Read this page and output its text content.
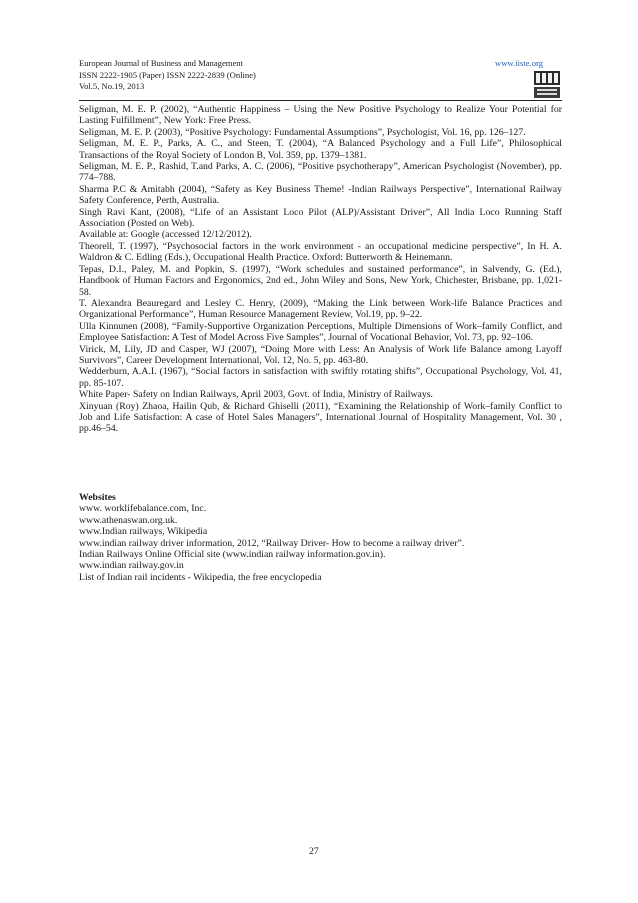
European Journal of Business and Management
ISSN 2222-1905 (Paper) ISSN 2222-2839 (Online)
Vol.5, No.19, 2013
www.iiste.org

Seligman, M. E. P. (2002), “Authentic Happiness – Using the New Positive Psychology to Realize Your Potential for Lasting Fulfillment”, New York: Free Press.

Seligman, M. E. P. (2003), “Positive Psychology: Fundamental Assumptions”, Psychologist, Vol. 16, pp. 126–127.

Seligman, M. E. P., Parks, A. C., and Steen, T. (2004), “A Balanced Psychology and a Full Life”, Philosophical Transactions of the Royal Society of London B, Vol. 359, pp. 1379–1381.

Seligman, M. E. P., Rashid, T.and Parks, A. C. (2006), “Positive psychotherapy”, American Psychologist (November), pp. 774–788.

Sharma P.C & Amitabh (2004), “Safety as Key Business Theme! -Indian Railways Perspective”, International Railway Safety Conference, Perth, Australia.

Singh Ravi Kant, (2008), “Life of an Assistant Loco Pilot (ALP)/Assistant Driver”, All India Loco Running Staff Association (Posted on Web).

Available at: Google (accessed 12/12/2012).

Theorell, T. (1997), “Psychosocial factors in the work environment - an occupational medicine perspective”, In H. A. Waldron & C. Edling (Eds.), Occupational Health Practice. Oxford: Butterworth & Heinemann.

Tepas, D.I., Paley, M. and Popkin, S. (1997), “Work schedules and sustained performance”, in Salvendy, G. (Ed.), Handbook of Human Factors and Ergonomics, 2nd ed., John Wiley and Sons, New York, Chichester, Brisbane, pp. 1,021-58.

T. Alexandra Beauregard and Lesley C. Henry, (2009), “Making the Link between Work-life Balance Practices and Organizational Performance”, Human Resource Management Review, Vol.19, pp. 9–22.

Ulla Kinnunen (2008), “Family-Supportive Organization Perceptions, Multiple Dimensions of Work–family Conflict, and Employee Satisfaction: A Test of Model Across Five Samples”, Journal of Vocational Behavior, Vol. 73, pp. 92–106.

Virick, M, Lily, JD and Casper, WJ (2007), “Doing More with Less: An Analysis of Work life Balance among Layoff Survivors”, Career Development International, Vol. 12, No. 5, pp. 463-80.

Wedderburn, A.A.I. (1967), “Social factors in satisfaction with swiftly rotating shifts”, Occupational Psychology, Vol. 41, pp. 85-107.

White Paper- Safety on Indian Railways, April 2003, Govt. of India, Ministry of Railways.

Xinyuan (Roy) Zhaoa, Hailin Qub, & Richard Ghiselli (2011), “Examining the Relationship of Work–family Conflict to Job and Life Satisfaction: A case of Hotel Sales Managers”, International Journal of Hospitality Management, Vol. 30 , pp.46–54.

Websites

www. worklifebalance.com, Inc.

www.athenaswan.org.uk.

www.Indian railways, Wikipedia

www.indian railway driver information, 2012, “Railway Driver- How to become a railway driver”.

Indian Railways Online Official site (www.indian railway information.gov.in).

www.indian railway.gov.in

List of Indian rail incidents - Wikipedia, the free encyclopedia

27
